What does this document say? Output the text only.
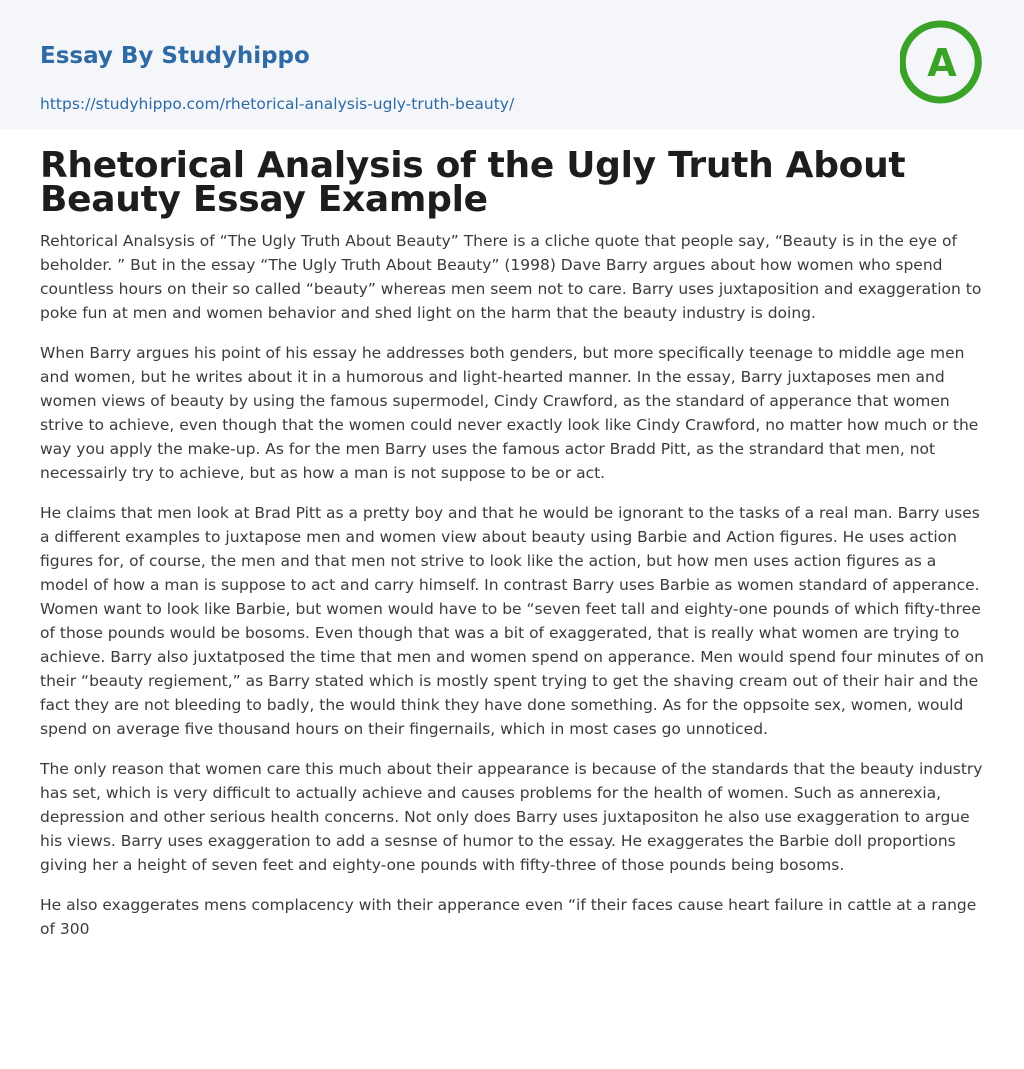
Essay By Studyhippo
https://studyhippo.com/rhetorical-analysis-ugly-truth-beauty/
A
Rhetorical Analysis of the Ugly Truth About Beauty Essay Example

Rehtorical Analsysis of “The Ugly Truth About Beauty” There is a cliche quote that people say, “Beauty is in the eye of beholder. ” But in the essay “The Ugly Truth About Beauty” (1998) Dave Barry argues about how women who spend countless hours on their so called “beauty” whereas men seem not to care. Barry uses juxtaposition and exaggeration to poke fun at men and women behavior and shed light on the harm that the beauty industry is doing.

When Barry argues his point of his essay he addresses both genders, but more specifically teenage to middle age men and women, but he writes about it in a humorous and light-hearted manner. In the essay, Barry juxtaposes men and women views of beauty by using the famous supermodel, Cindy Crawford, as the standard of apperance that women strive to achieve, even though that the women could never exactly look like Cindy Crawford, no matter how much or the way you apply the make-up. As for the men Barry uses the famous actor Bradd Pitt, as the strandard that men, not necessairly try to achieve, but as how a man is not suppose to be or act.

He claims that men look at Brad Pitt as a pretty boy and that he would be ignorant to the tasks of a real man. Barry uses a different examples to juxtapose men and women view about beauty using Barbie and Action figures. He uses action figures for, of course, the men and that men not strive to look like the action, but how men uses action figures as a model of how a man is suppose to act and carry himself. In contrast Barry uses Barbie as women standard of apperance. Women want to look like Barbie, but women would have to be “seven feet tall and eighty-one pounds of which fifty-three of those pounds would be bosoms. Even though that was a bit of exaggerated, that is really what women are trying to achieve. Barry also juxtatposed the time that men and women spend on apperance. Men would spend four minutes of on their “beauty regiement,” as Barry stated which is mostly spent trying to get the shaving cream out of their hair and the fact they are not bleeding to badly, the would think they have done something. As for the oppsoite sex, women, would spend on average five thousand hours on their fingernails, which in most cases go unnoticed.

The only reason that women care this much about their appearance is because of the standards that the beauty industry has set, which is very difficult to actually achieve and causes problems for the health of women. Such as annerexia, depression and other serious health concerns. Not only does Barry uses juxtapositon he also use exaggeration to argue his views. Barry uses exaggeration to add a sesnse of humor to the essay. He exaggerates the Barbie doll proportions giving her a height of seven feet and eighty-one pounds with fifty-three of those pounds being bosoms.

He also exaggerates mens complacency with their apperance even “if their faces cause heart failure in cattle at a range of 300
